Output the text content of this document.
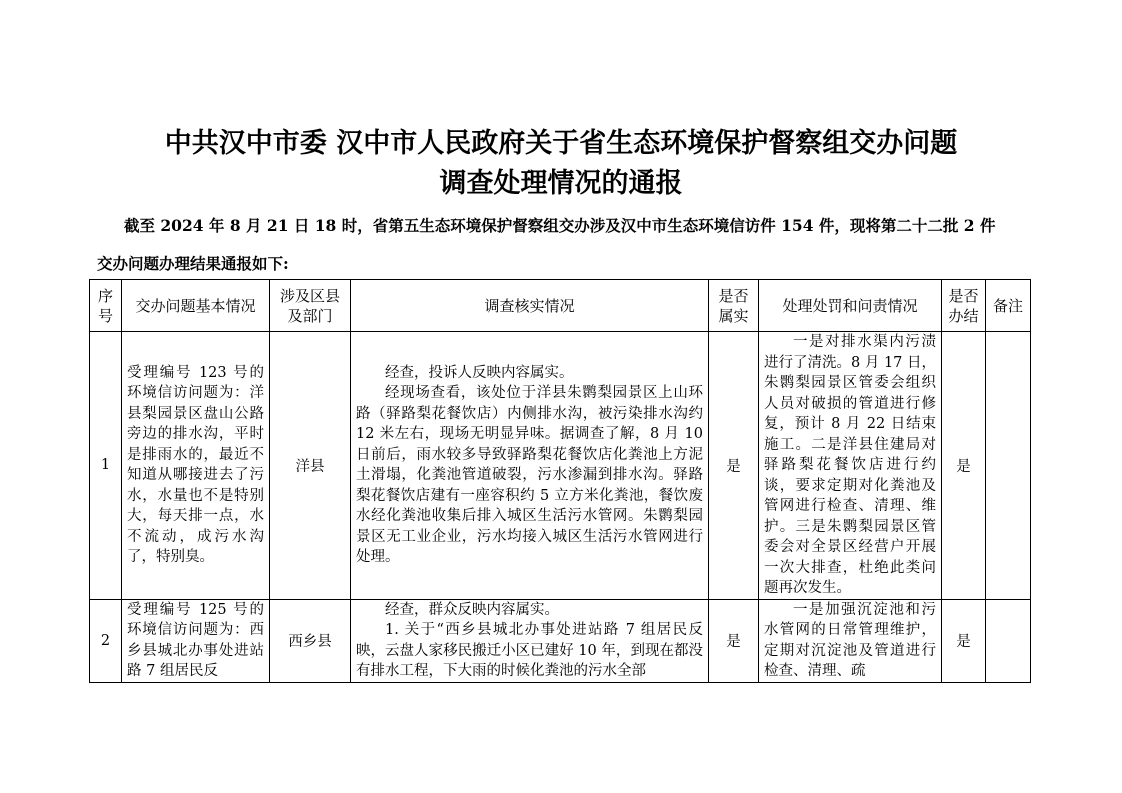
中共汉中市委 汉中市人民政府关于省生态环境保护督察组交办问题
调查处理情况的通报
截至 2024 年 8 月 21 日 18 时，省第五生态环境保护督察组交办涉及汉中市生态环境信访件 154 件，现将第二十二批 2 件
交办问题办理结果通报如下:
序号	交办问题基本情况	涉及区县及部门	调查核实情况	是否属实	处理处罚和问责情况	是否办结	备注
1	受理编号 123 号的环境信访问题为：洋县梨园景区盘山公路旁边的排水沟，平时是排雨水的，最近不知道从哪接进去了污水，水量也不是特别大，每天排一点，水不流动，成污水沟了，特别臭。	洋县	经查，投诉人反映内容属实。

经现场查看，该处位于洋县朱鹮梨园景区上山环路（驿路梨花餐饮店）内侧排水沟，被污染排水沟约 12 米左右，现场无明显异味。据调查了解，8 月 10 日前后，雨水较多导致驿路梨花餐饮店化粪池上方泥土滑塌，化粪池管道破裂，污水渗漏到排水沟。驿路梨花餐饮店建有一座容积约 5 立方米化粪池，餐饮废水经化粪池收集后排入城区生活污水管网。朱鹮梨园景区无工业企业，污水均接入城区生活污水管网进行处理。	是	一是对排水渠内污渍进行了清洗。8 月 17 日，朱鹮梨园景区管委会组织人员对破损的管道进行修复，预计 8 月 22 日结束施工。二是洋县住建局对驿路梨花餐饮店进行约谈，要求定期对化粪池及管网进行检查、清理、维护。三是朱鹮梨园景区管委会对全景区经营户开展一次大排查，杜绝此类问题再次发生。	是	
2	受理编号 125 号的环境信访问题为：西乡县城北办事处进站路 7 组居民反	西乡县	经查，群众反映内容属实。

1. 关于“西乡县城北办事处进站路 7 组居民反映，云盘人家移民搬迁小区已建好 10 年，到现在都没有排水工程，下大雨的时候化粪池的污水全部	是	一是加强沉淀池和污水管网的日常管理维护，定期对沉淀池及管道进行检查、清理、疏	是	
